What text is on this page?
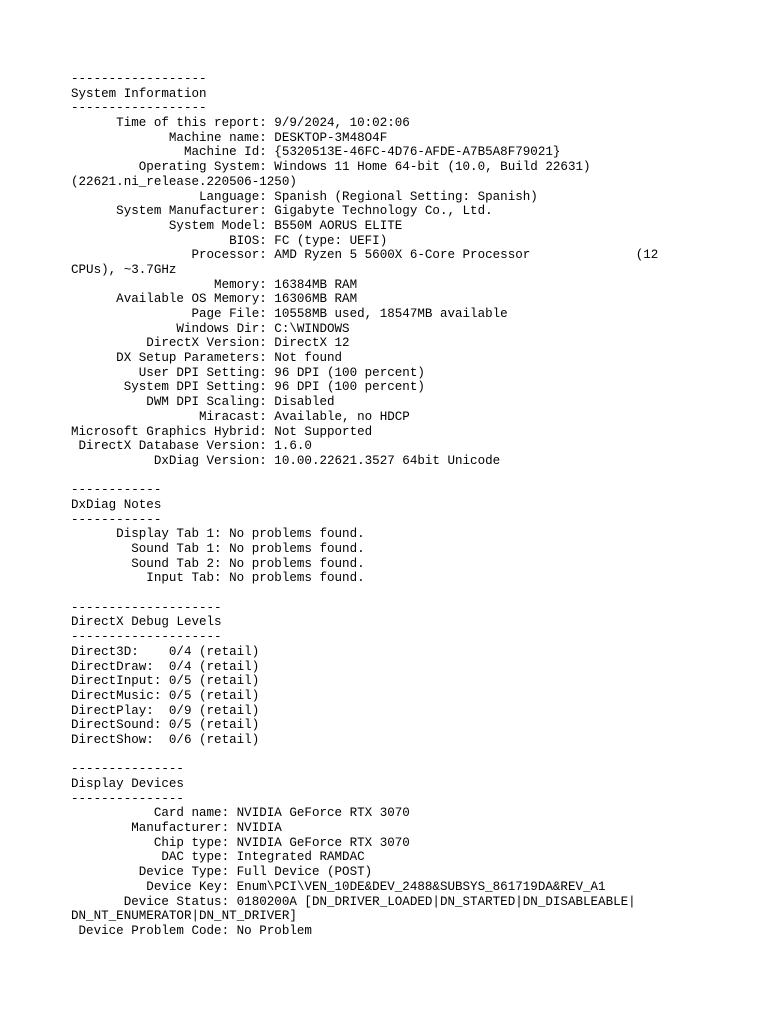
------------------
System Information
------------------
Time of this report: 9/9/2024, 10:02:06
Machine name: DESKTOP-3M48O4F
Machine Id: {5320513E-46FC-4D76-AFDE-A7B5A8F79021}
Operating System: Windows 11 Home 64-bit (10.0, Build 22631)
(22621.ni_release.220506-1250)
Language: Spanish (Regional Setting: Spanish)
System Manufacturer: Gigabyte Technology Co., Ltd.
System Model: B550M AORUS ELITE
BIOS: FC (type: UEFI)
Processor: AMD Ryzen 5 5600X 6-Core Processor              (12
CPUs), ~3.7GHz
Memory: 16384MB RAM
Available OS Memory: 16306MB RAM
Page File: 10558MB used, 18547MB available
Windows Dir: C:\WINDOWS
DirectX Version: DirectX 12
DX Setup Parameters: Not found
User DPI Setting: 96 DPI (100 percent)
System DPI Setting: 96 DPI (100 percent)
DWM DPI Scaling: Disabled
Miracast: Available, no HDCP
Microsoft Graphics Hybrid: Not Supported
DirectX Database Version: 1.6.0
DxDiag Version: 10.00.22621.3527 64bit Unicode
------------
DxDiag Notes
------------
Display Tab 1: No problems found.
Sound Tab 1: No problems found.
Sound Tab 2: No problems found.
Input Tab: No problems found.
--------------------
DirectX Debug Levels
--------------------
Direct3D:    0/4 (retail)
DirectDraw:  0/4 (retail)
DirectInput: 0/5 (retail)
DirectMusic: 0/5 (retail)
DirectPlay:  0/9 (retail)
DirectSound: 0/5 (retail)
DirectShow:  0/6 (retail)
---------------
Display Devices
---------------
Card name: NVIDIA GeForce RTX 3070
Manufacturer: NVIDIA
Chip type: NVIDIA GeForce RTX 3070
DAC type: Integrated RAMDAC
Device Type: Full Device (POST)
Device Key: Enum\PCI\VEN_10DE&DEV_2488&SUBSYS_861719DA&REV_A1
Device Status: 0180200A [DN_DRIVER_LOADED|DN_STARTED|DN_DISABLEABLE|
DN_NT_ENUMERATOR|DN_NT_DRIVER]
Device Problem Code: No Problem
